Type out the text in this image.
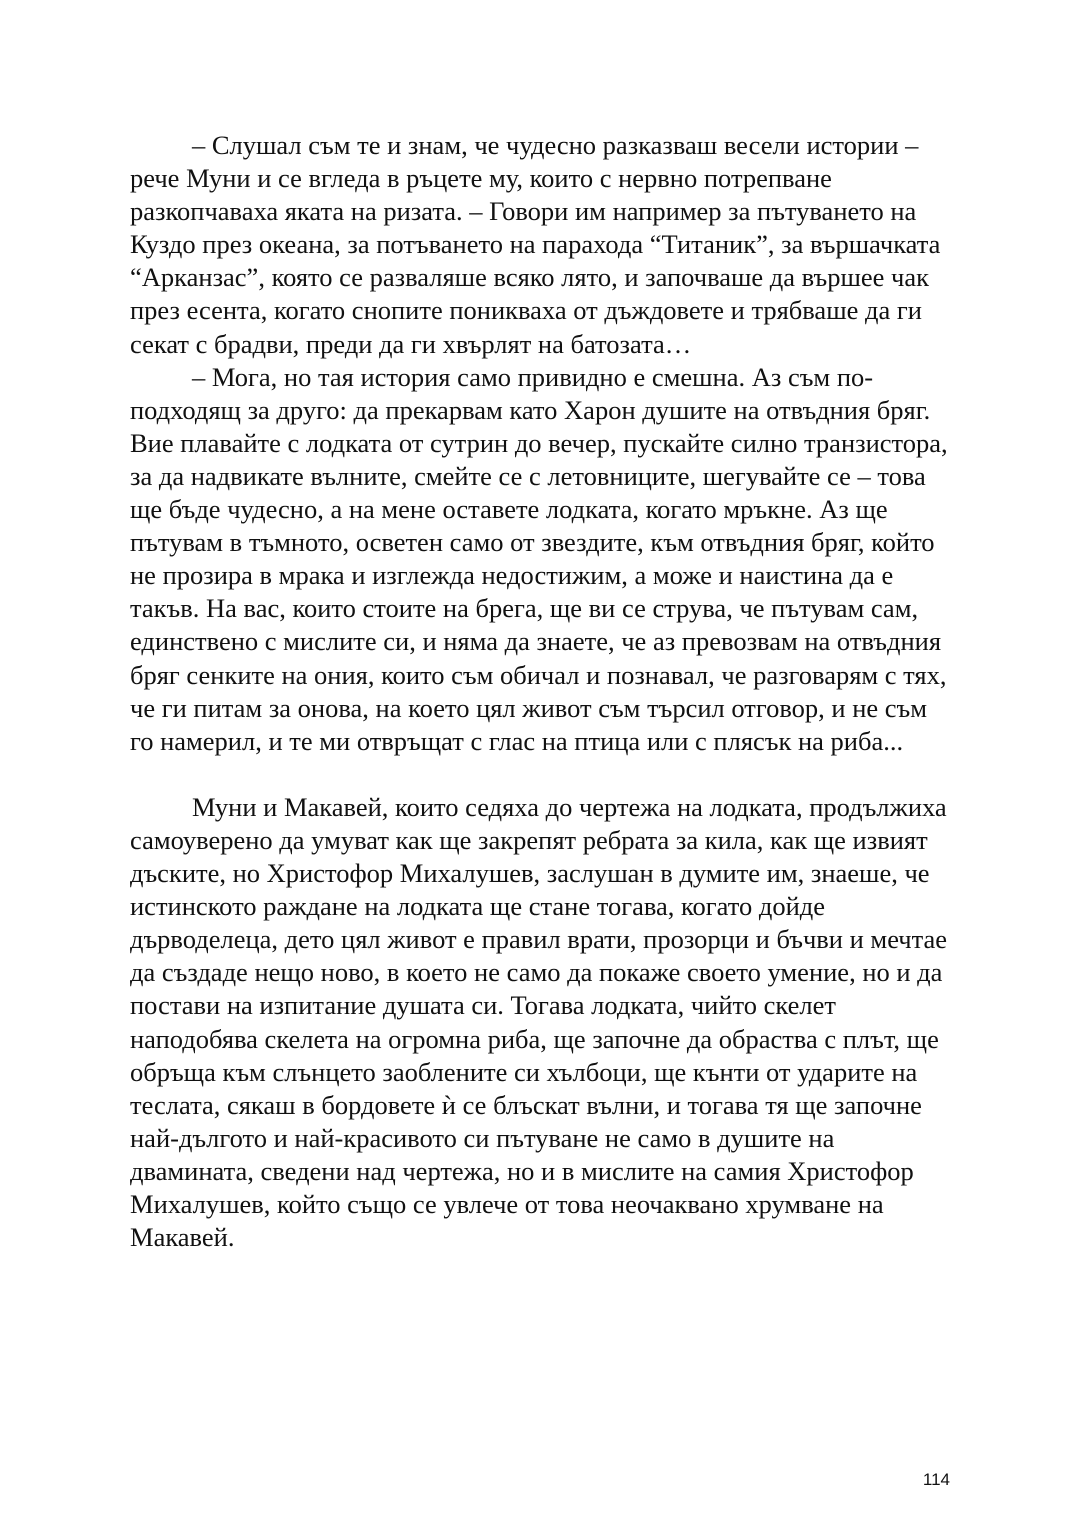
– Слушал съм те и знам, че чудесно разказваш весели истории – рече Муни и се вгледа в ръцете му, които с нервно потрепване разкопчаваха яката на ризата. – Говори им например за пътуването на Куздо през океана, за потъването на парахода “Титаник”, за вършачката “Арканзас”, която се разваляше всяко лято, и започваше да вършее чак през есента, когато снопите поникваха от дъждовете и трябваше да ги секат с брадви, преди да ги хвърлят на батозата…

– Мога, но тая история само привидно е смешна. Аз съм по-подходящ за друго: да прекарвам като Харон душите на отвъдния бряг. Вие плавайте с лодката от сутрин до вечер, пускайте силно транзистора, за да надвикате вълните, смейте се с летовниците, шегувайте се – това ще бъде чудесно, а на мене оставете лодката, когато мръкне. Аз ще пътувам в тъмното, осветен само от звездите, към отвъдния бряг, който не прозира в мрака и изглежда недостижим, а може и наистина да е такъв. На вас, които стоите на брега, ще ви се струва, че пътувам сам, единствено с мислите си, и няма да знаете, че аз превозвам на отвъдния бряг сенките на ония, които съм обичал и познавал, че разговарям с тях, че ги питам за онова, на което цял живот съм търсил отговор, и не съм го намерил, и те ми отвръщат с глас на птица или с плясък на риба...

Муни и Макавей, които седяха до чертежа на лодката, продължиха самоуверено да умуват как ще закрепят ребрата за кила, как ще извият дъските, но Христофор Михалушев, заслушан в думите им, знаеше, че истинското раждане на лодката ще стане тогава, когато дойде дърводелеца, дето цял живот е правил врати, прозорци и бъчви и мечтае да създаде нещо ново, в което не само да покаже своето умение, но и да постави на изпитание душата си. Тогава лодката, чийто скелет наподобява скелета на огромна риба, ще започне да обраства с плът, ще обръща към слънцето заоблените си хълбоци, ще кънти от ударите на теслата, сякаш в бордовете ѝ се блъскат вълни, и тогава тя ще започне най-дългото и най-красивото си пътуване не само в душите на двамината, сведени над чертежа, но и в мислите на самия Христофор Михалушев, който също се увлече от това неочаквано хрумване на Макавей.

114
